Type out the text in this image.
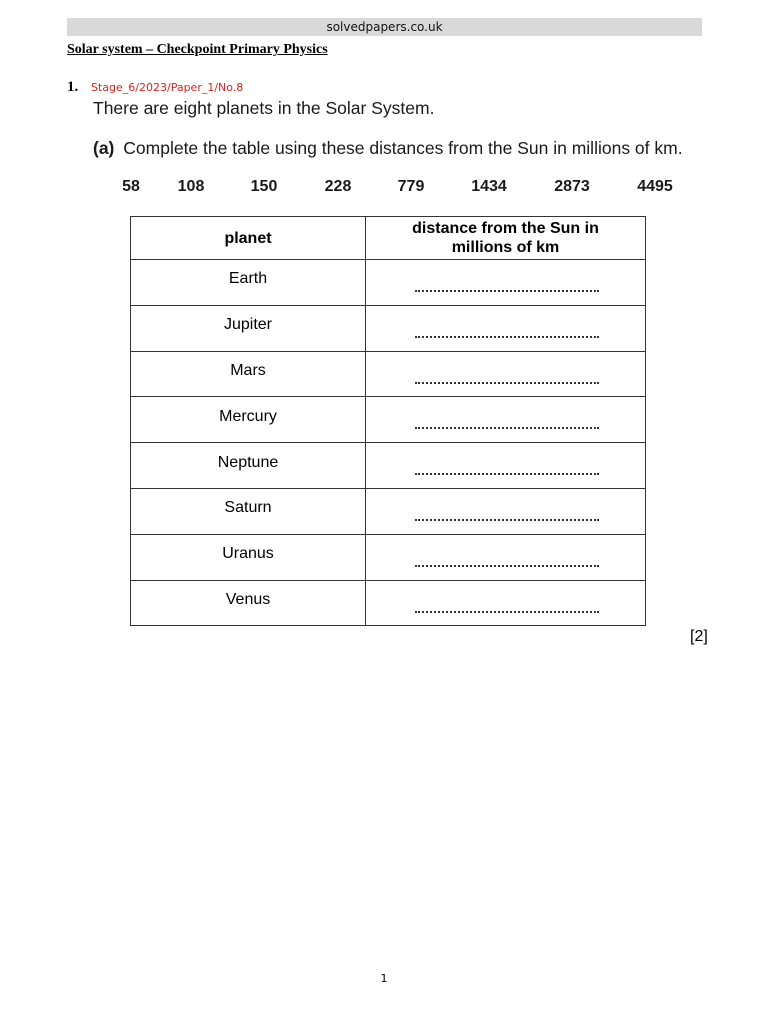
solvedpapers.co.uk
Solar system – Checkpoint Primary Physics
1. Stage_6/2023/Paper_1/No.8
There are eight planets in the Solar System.
(a) Complete the table using these distances from the Sun in millions of km.
58 108	150	228	779	1434	2873	4495
planet	distance from the Sun in millions of km

Earth	

Jupiter	

Mars	

Mercury	

Neptune	

Saturn	

Uranus	

Venus	
[2]
1
